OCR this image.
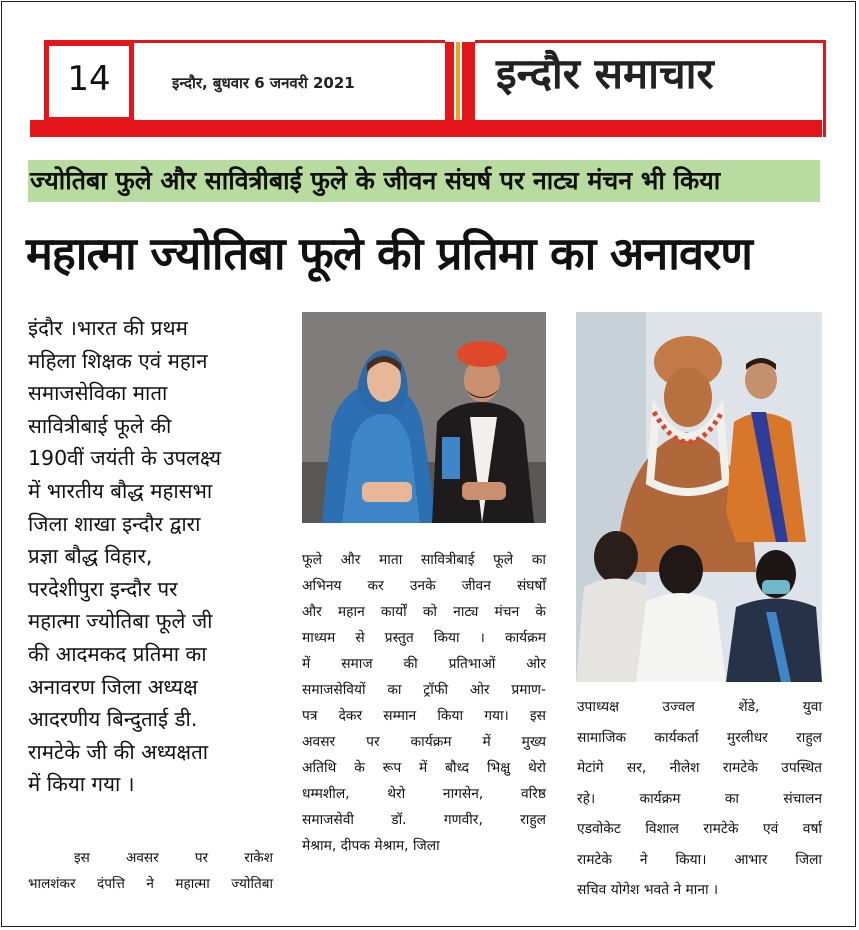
14	इन्दौर, बुधवार 6 जनवरी 2021	इन्दौर समाचार
ज्योतिबा फुले और सावित्रीबाई फुले के जीवन संघर्ष पर नाट्य मंचन भी किया
महात्मा ज्योतिबा फूले की प्रतिमा का अनावरण

इंदौर ।भारत की प्रथम

महिला शिक्षक एवं महान

समाजसेविका माता

सावित्रीबाई फूले की

190वीं जयंती के उपलक्ष्य

में भारतीय बौद्ध महासभा

जिला शाखा इन्दौर द्वारा

प्रज्ञा बौद्ध विहार,

परदेशीपुरा इन्दौर पर

महात्मा ज्योतिबा फूले जी

की आदमकद प्रतिमा का

अनावरण जिला अध्यक्ष

आदरणीय बिन्दुताई डी.

रामटेके जी की अध्यक्षता

में किया गया ।

इस अवसर पर राकेश
भालशंकर दंपत्ति ने महात्मा ज्योतिबा
फूले और माता सावित्रीबाई फूले का
अभिनय कर उनके जीवन संघर्षों
और महान कार्यों को नाट्य मंचन के
माध्यम से प्रस्तुत किया । कार्यक्रम
में समाज की प्रतिभाओं ओर
समाजसेवियों का ट्रॉफी ओर प्रमाण-
पत्र देकर सम्मान किया गया। इस
अवसर पर कार्यक्रम में मुख्य
अतिथि के रूप में बौध्द भिक्षु थेरो
धम्मशील, थेरो नागसेन, वरिष्ठ
समाजसेवी डॉ. गणवीर, राहुल
मेश्राम, दीपक मेश्राम, जिला
उपाध्यक्ष उज्वल शेंडे, युवा
सामाजिक कार्यकर्ता मुरलीधर राहुल
मेटांगे सर, नीलेश रामटेके उपस्थित
रहे। कार्यक्रम का संचालन
एडवोकेट विशाल रामटेके एवं वर्षा
रामटेके ने किया। आभार जिला
सचिव योगेश भवते ने माना ।
